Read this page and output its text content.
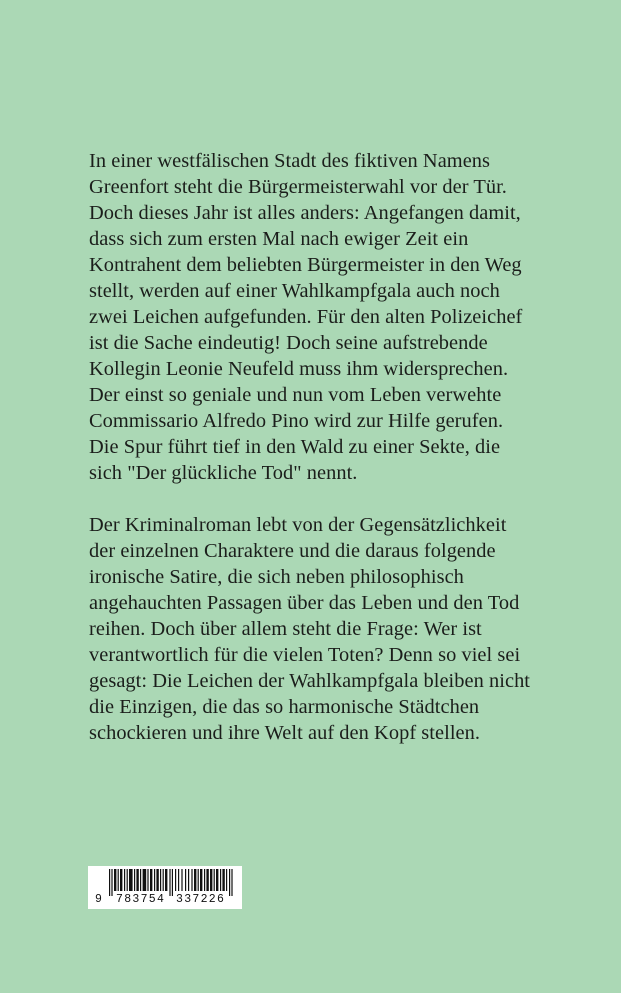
In einer westfälischen Stadt des fiktiven Namens
Greenfort steht die Bürgermeisterwahl vor der Tür.
Doch dieses Jahr ist alles anders: Angefangen damit,
dass sich zum ersten Mal nach ewiger Zeit ein
Kontrahent dem beliebten Bürgermeister in den Weg
stellt, werden auf einer Wahlkampfgala auch noch
zwei Leichen aufgefunden. Für den alten Polizeichef
ist die Sache eindeutig! Doch seine aufstrebende
Kollegin Leonie Neufeld muss ihm widersprechen.
Der einst so geniale und nun vom Leben verwehte
Commissario Alfredo Pino wird zur Hilfe gerufen.
Die Spur führt tief in den Wald zu einer Sekte, die
sich "Der glückliche Tod" nennt.

Der Kriminalroman lebt von der Gegensätzlichkeit
der einzelnen Charaktere und die daraus folgende
ironische Satire, die sich neben philosophisch
angehauchten Passagen über das Leben und den Tod
reihen. Doch über allem steht die Frage: Wer ist
verantwortlich für die vielen Toten? Denn so viel sei
gesagt: Die Leichen der Wahlkampfgala bleiben nicht
die Einzigen, die das so harmonische Städtchen
schockieren und ihre Welt auf den Kopf stellen.

9 783754 337226
